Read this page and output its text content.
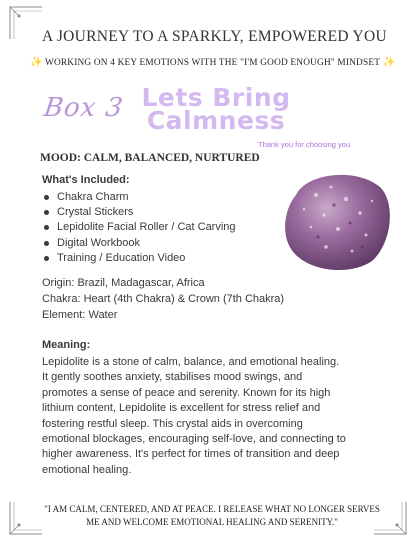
A JOURNEY TO A SPARKLY, EMPOWERED YOU
✨ WORKING ON 4 KEY EMOTIONS WITH THE "I'M GOOD ENOUGH" MINDSET ✨
Box 3 Lets Bring
Calmness
Thank you for choosing you
MOOD: CALM, BALANCED, NURTURED
What's Included:
Chakra Charm
Crystal Stickers
Lepidolite Facial Roller / Cat Carving
Digital Workbook
Training / Education Video
Origin: Brazil, Madagascar, Africa
Chakra: Heart (4th Chakra) & Crown (7th Chakra)
Element: Water
Meaning:
Lepidolite is a stone of calm, balance, and emotional healing. It gently soothes anxiety, stabilises mood swings, and promotes a sense of peace and serenity. Known for its high lithium content, Lepidolite is excellent for stress relief and fostering restful sleep. This crystal aids in overcoming emotional blockages, encouraging self-love, and connecting to higher awareness. It's perfect for times of transition and deep emotional healing.
"I AM CALM, CENTERED, AND AT PEACE. I RELEASE WHAT NO LONGER SERVES ME AND WELCOME EMOTIONAL HEALING AND SERENITY."
